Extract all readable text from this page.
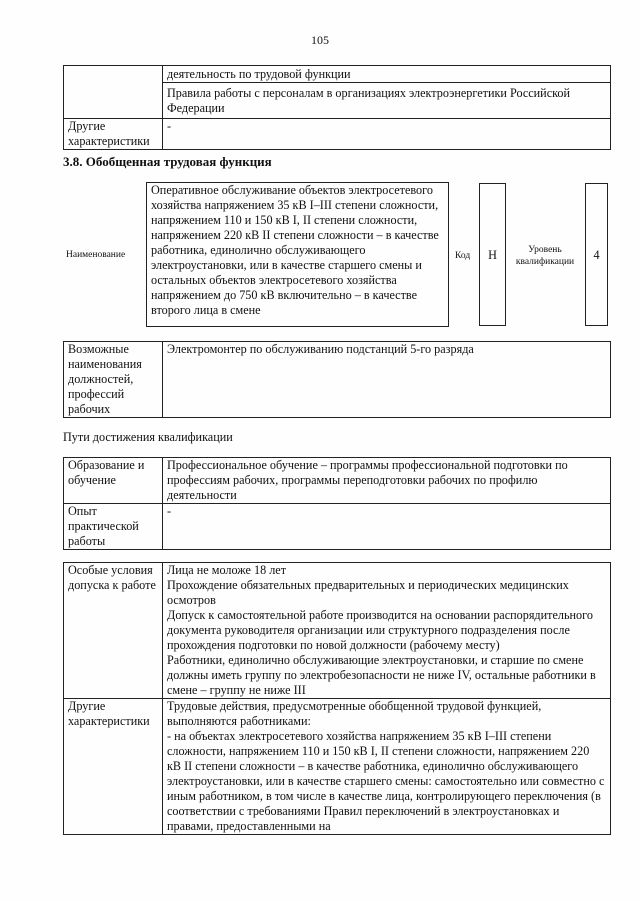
105

	деятельность по трудовой функции
Правила работы с персоналам в организациях электроэнергетики Российской Федерации

Другие характеристики	-
3.8. Обобщенная трудовая функция
Наименование
Оперативное обслуживание объектов электросетевого хозяйства напряжением 35 кВ I–III степени сложности, напряжением 110 и 150 кВ I, II степени сложности, напряжением 220 кВ II степени сложности – в качестве работника, единолично обслуживающего электроустановки, или в качестве старшего смены и остальных объектов электросетевого хозяйства напряжением до 750 кВ включительно – в качестве второго лица в смене
Код	Н	Уровень квалификации	4
Возможные наименования должностей, профессий рабочих	Электромонтер по обслуживанию подстанций 5-го разряда
Пути достижения квалификации
Образование и обучение	Профессиональное обучение – программы профессиональной подготовки по профессиям рабочих, программы переподготовки рабочих по профилю деятельности
Опыт практической работы	-
Особые условия допуска к работе	Лица не моложе 18 лет
Прохождение обязательных предварительных и периодических медицинских осмотров
Допуск к самостоятельной работе производится на основании распорядительного документа руководителя организации или структурного подразделения после прохождения подготовки по новой должности (рабочему месту)
Работники, единолично обслуживающие электроустановки, и старшие по смене должны иметь группу по электробезопасности не ниже IV, остальные работники в смене – группу не ниже III

Другие характеристики	Трудовые действия, предусмотренные обобщенной трудовой функцией, выполняются работниками:
- на объектах электросетевого хозяйства напряжением 35 кВ I–III степени сложности, напряжением 110 и 150 кВ I, II степени сложности, напряжением 220 кВ II степени сложности – в качестве работника, единолично обслуживающего электроустановки, или в качестве старшего смены: самостоятельно или совместно с иным работником, в том числе в качестве лица, контролирующего переключения (в соответствии с требованиями Правил переключений в электроустановках и правами, предоставленными на
